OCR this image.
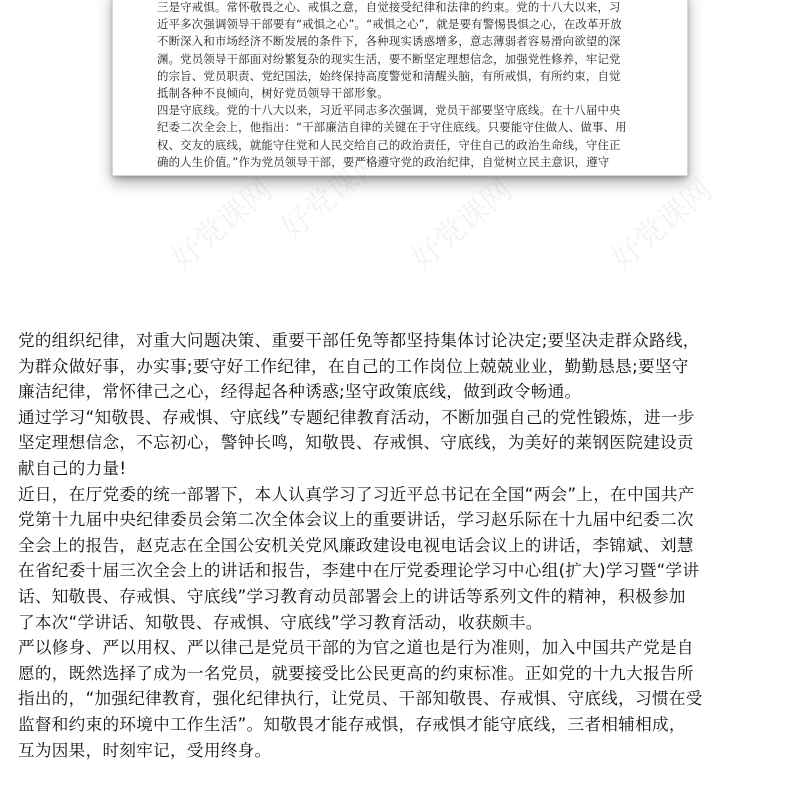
三是守戒惧。常怀敬畏之心、戒惧之意，自觉接受纪律和法律的约束。党的十八大以来，习
近平多次强调领导干部要有“戒惧之心”。“戒惧之心”，就是要有警惕畏惧之心，在改革开放
不断深入和市场经济不断发展的条件下，各种现实诱惑增多，意志薄弱者容易滑向欲望的深
渊。党员领导干部面对纷繁复杂的现实生活，要不断坚定理想信念，加强党性修养，牢记党
的宗旨、党员职责、党纪国法，始终保持高度警觉和清醒头脑，有所戒惧，有所约束，自觉
抵制各种不良倾向，树好党员领导干部形象。
四是守底线。党的十八大以来，习近平同志多次强调，党员干部要坚守底线。在十八届中央
纪委二次全会上，他指出：“干部廉洁自律的关键在于守住底线。只要能守住做人、做事、用
权、交友的底线，就能守住党和人民交给自己的政治责任，守住自己的政治生命线，守住正
确的人生价值。”作为党员领导干部，要严格遵守党的政治纪律，自觉树立民主意识，遵守
好党课网
好党课网 好党课网	好党课网
党的组织纪律，对重大问题决策、重要干部任免等都坚持集体讨论决定;要坚决走群众路线，
为群众做好事，办实事;要守好工作纪律，在自己的工作岗位上兢兢业业，勤勤恳恳;要坚守
廉洁纪律，常怀律己之心，经得起各种诱惑;坚守政策底线，做到政令畅通。
通过学习“知敬畏、存戒惧、守底线”专题纪律教育活动，不断加强自己的党性锻炼，进一步
坚定理想信念，不忘初心，警钟长鸣，知敬畏、存戒惧、守底线，为美好的莱钢医院建设贡
献自己的力量!
近日，在厅党委的统一部署下，本人认真学习了习近平总书记在全国“两会”上，在中国共产
党第十九届中央纪律委员会第二次全体会议上的重要讲话，学习赵乐际在十九届中纪委二次
全会上的报告，赵克志在全国公安机关党风廉政建设电视电话会议上的讲话，李锦斌、刘慧
在省纪委十届三次全会上的讲话和报告，李建中在厅党委理论学习中心组(扩大)学习暨“学讲
话、知敬畏、存戒惧、守底线”学习教育动员部署会上的讲话等系列文件的精神，积极参加
了本次“学讲话、知敬畏、存戒惧、守底线”学习教育活动，收获颇丰。
严以修身、严以用权、严以律己是党员干部的为官之道也是行为准则，加入中国共产党是自
愿的，既然选择了成为一名党员，就要接受比公民更高的约束标准。正如党的十九大报告所
指出的，“加强纪律教育，强化纪律执行，让党员、干部知敬畏、存戒惧、守底线，习惯在受
监督和约束的环境中工作生活”。知敬畏才能存戒惧，存戒惧才能守底线，三者相辅相成，
互为因果，时刻牢记，受用终身。
